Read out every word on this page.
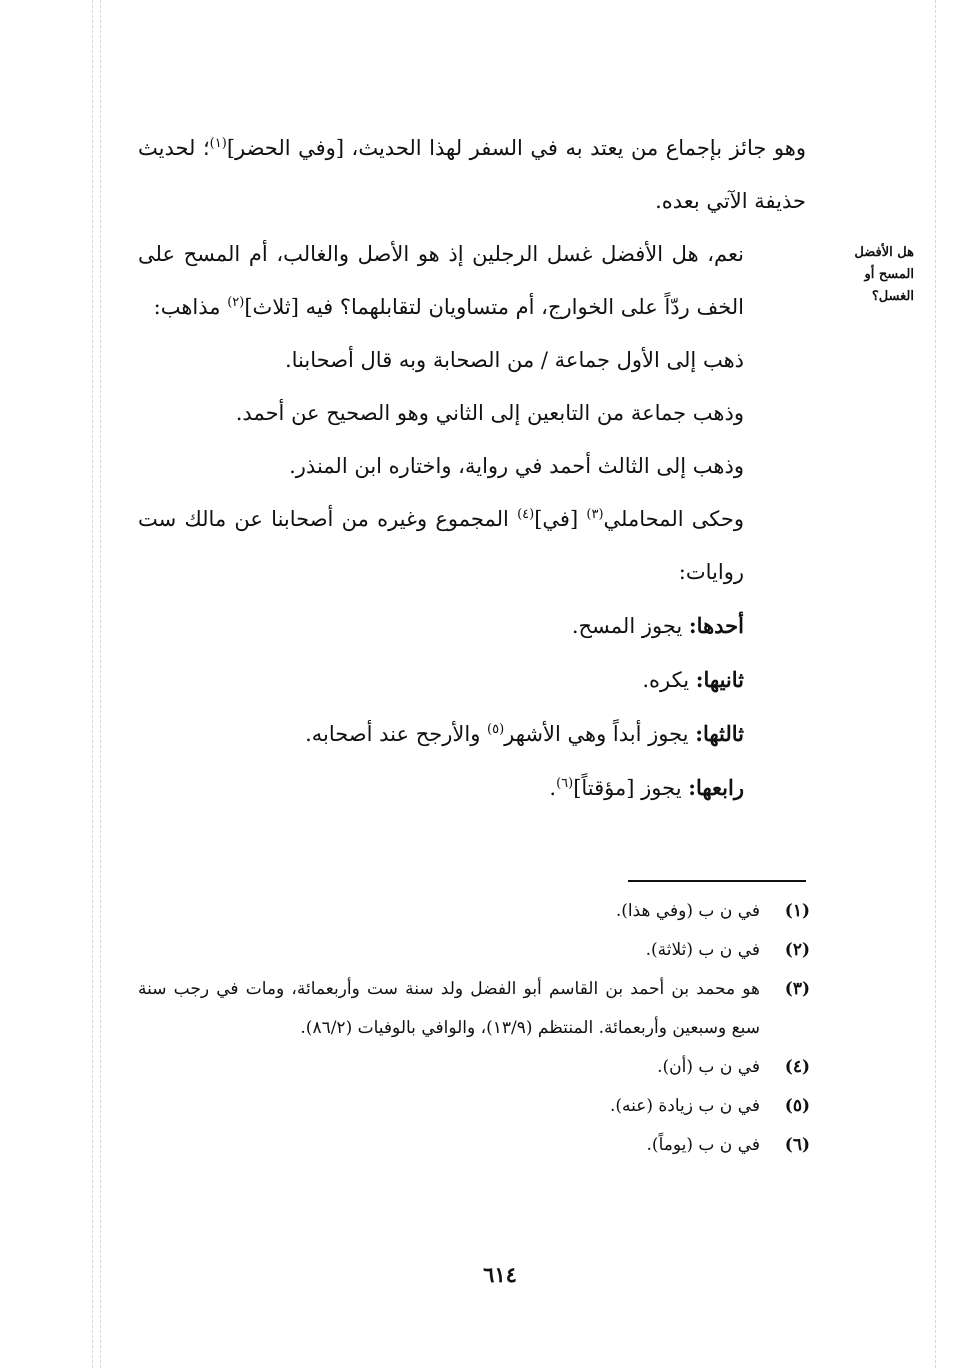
هل الأفضل
المسح أو
الغسل؟

وهو جائز بإجماع من يعتد به في السفر لهذا الحديث، [وفي الحضر]$^{(١)}$؛ لحديث حذيفة الآتي بعده.

نعم، هل الأفضل غسل الرجلين إذ هو الأصل والغالب، أم المسح على الخف ردّاً على الخوارج، أم متساويان لتقابلهما؟ فيه [ثلاث]$^{(٢)}$ مذاهب:

ذهب إلى الأول جماعة / من الصحابة وبه قال أصحابنا.

وذهب جماعة من التابعين إلى الثاني وهو الصحيح عن أحمد.

وذهب إلى الثالث أحمد في رواية، واختاره ابن المنذر.

وحكى المحاملي$^{(٣)}$ [في]$^{(٤)}$ المجموع وغيره من أصحابنا عن مالك ست روايات:

أحدها: يجوز المسح.

ثانيها: يكره.

ثالثها: يجوز أبداً وهي الأشهر$^{(٥)}$ والأرجح عند أصحابه.

رابعها: يجوز [مؤقتاً]$^{(٦)}$.

(١)
في ن ب (وفي هذا).
(٢)
في ن ب (ثلاثة).
(٣)
هو محمد بن أحمد بن القاسم أبو الفضل ولد سنة ست وأربعمائة، ومات في رجب سنة سبع وسبعين وأربعمائة. المنتظم (١٣/٩)، والوافي بالوفيات (٨٦/٢).
(٤)
في ن ب (أن).
(٥)
في ن ب زيادة (عنه).
(٦)
في ن ب (يوماً).
٦١٤
